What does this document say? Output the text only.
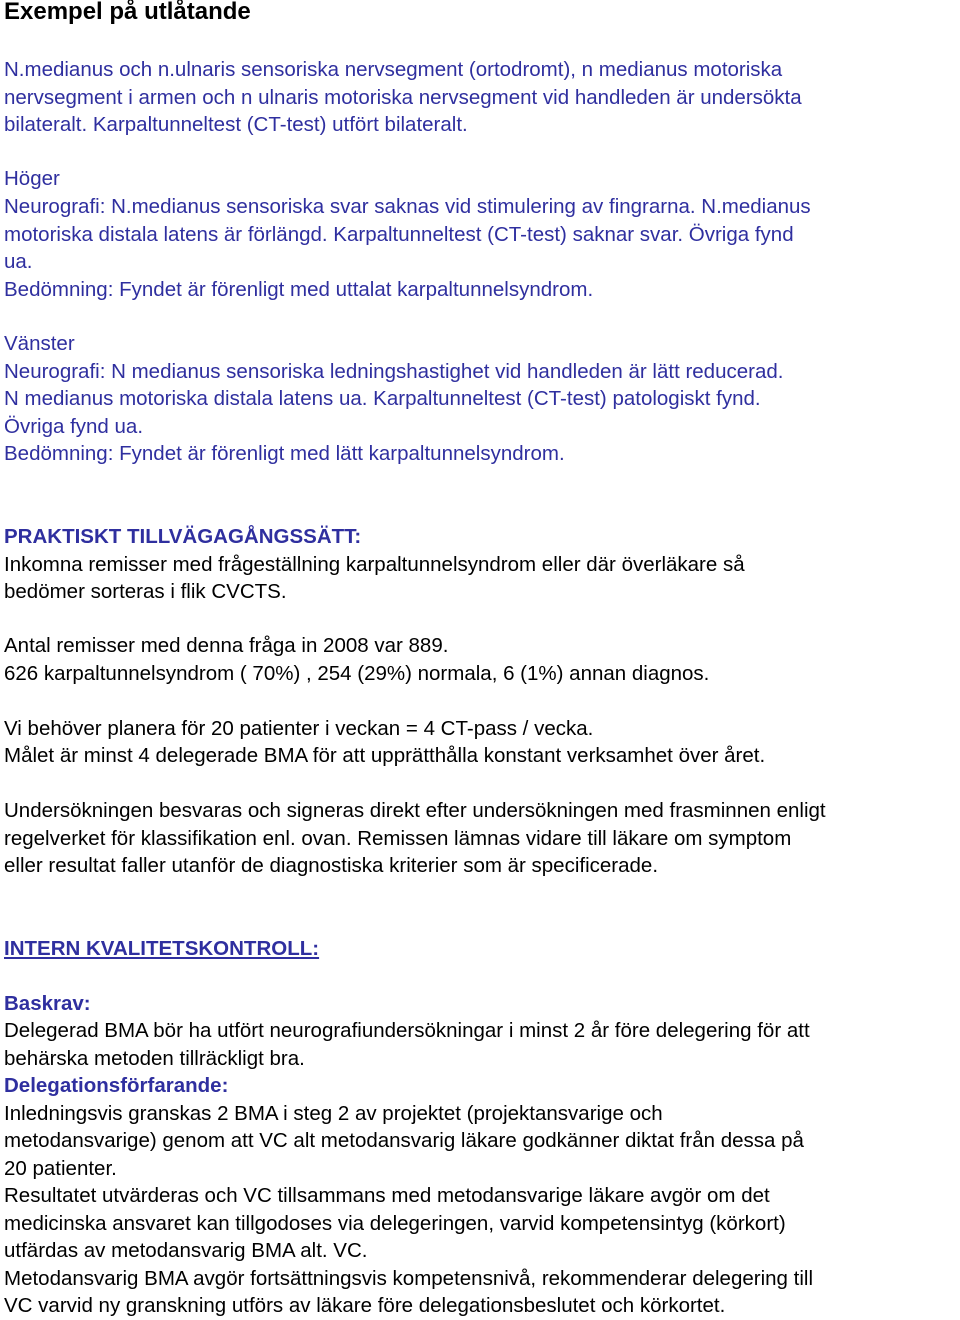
Exempel på utlåtande

N.medianus och n.ulnaris sensoriska nervsegment (ortodromt), n medianus motoriska

nervsegment i armen och n ulnaris motoriska nervsegment vid handleden är undersökta

bilateralt. Karpaltunneltest (CT-test) utfört bilateralt.

Höger

Neurografi: N.medianus sensoriska svar saknas vid stimulering av fingrarna. N.medianus

motoriska distala latens är förlängd. Karpaltunneltest (CT-test) saknar svar. Övriga fynd

ua.

Bedömning: Fyndet är förenligt med uttalat karpaltunnelsyndrom.

Vänster

Neurografi: N medianus sensoriska ledningshastighet vid handleden är lätt reducerad.

N medianus motoriska distala latens ua. Karpaltunneltest (CT-test) patologiskt fynd.

Övriga fynd ua.

Bedömning: Fyndet är förenligt med lätt karpaltunnelsyndrom.

PRAKTISKT TILLVÄGAGÅNGSSÄTT:

Inkomna remisser med frågeställning karpaltunnelsyndrom eller där överläkare så

bedömer sorteras i flik CVCTS.

Antal remisser med denna fråga in 2008 var 889.

626 karpaltunnelsyndrom ( 70%) , 254 (29%) normala, 6 (1%) annan diagnos.

Vi behöver planera för 20 patienter i veckan = 4 CT-pass / vecka.

Målet är minst 4 delegerade BMA för att upprätthålla konstant verksamhet över året.

Undersökningen besvaras och signeras direkt efter undersökningen med frasminnen enligt

regelverket för klassifikation enl. ovan. Remissen lämnas vidare till läkare om symptom

eller resultat faller utanför de diagnostiska kriterier som är specificerade.

INTERN KVALITETSKONTROLL:

Baskrav:

Delegerad BMA bör ha utfört neurografiundersökningar i minst 2 år före delegering för att

behärska metoden tillräckligt bra.

Delegationsförfarande:

Inledningsvis granskas 2 BMA i steg 2 av projektet (projektansvarige och

metodansvarige) genom att VC alt metodansvarig läkare godkänner diktat från dessa på

20 patienter.

Resultatet utvärderas och VC tillsammans med metodansvarige läkare avgör om det

medicinska ansvaret kan tillgodoses via delegeringen, varvid kompetensintyg (körkort)

utfärdas av metodansvarig BMA alt. VC.

Metodansvarig BMA avgör fortsättningsvis kompetensnivå, rekommenderar delegering till

VC varvid ny granskning utförs av läkare före delegationsbeslutet och körkortet.
